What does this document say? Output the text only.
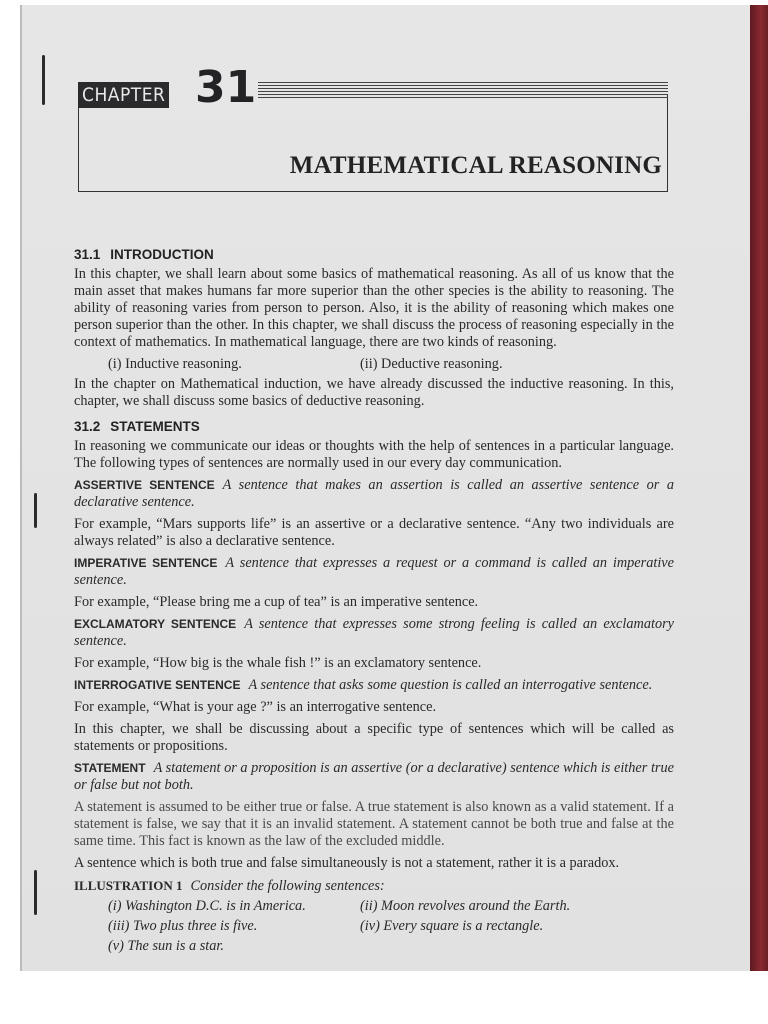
CHAPTER 31
MATHEMATICAL REASONING
31.1 INTRODUCTION

In this chapter, we shall learn about some basics of mathematical reasoning. As all of us know that the main asset that makes humans far more superior than the other species is the ability to reasoning. The ability of reasoning varies from person to person. Also, it is the ability of reasoning which makes one person superior than the other. In this chapter, we shall discuss the process of reasoning especially in the context of mathematics. In mathematical language, there are two kinds of reasoning.

(i) Inductive reasoning.	(ii) Deductive reasoning.

In the chapter on Mathematical induction, we have already discussed the inductive reasoning. In this, chapter, we shall discuss some basics of deductive reasoning.

31.2 STATEMENTS

In reasoning we communicate our ideas or thoughts with the help of sentences in a particular language. The following types of sentences are normally used in our every day communication.

ASSERTIVE SENTENCE A sentence that makes an assertion is called an assertive sentence or a declarative sentence.

For example, “Mars supports life” is an assertive or a declarative sentence. “Any two individuals are always related” is also a declarative sentence.

IMPERATIVE SENTENCE A sentence that expresses a request or a command is called an imperative sentence.

For example, “Please bring me a cup of tea” is an imperative sentence.

EXCLAMATORY SENTENCE A sentence that expresses some strong feeling is called an exclamatory sentence.

For example, “How big is the whale fish !” is an exclamatory sentence.

INTERROGATIVE SENTENCE A sentence that asks some question is called an interrogative sentence.

For example, “What is your age ?” is an interrogative sentence.

In this chapter, we shall be discussing about a specific type of sentences which will be called as statements or propositions.

STATEMENT A statement or a proposition is an assertive (or a declarative) sentence which is either true or false but not both.

A statement is assumed to be either true or false. A true statement is also known as a valid statement. If a statement is false, we say that it is an invalid statement. A statement cannot be both true and false at the same time. This fact is known as the law of the excluded middle.

A sentence which is both true and false simultaneously is not a statement, rather it is a paradox.

ILLUSTRATION 1 Consider the following sentences:

(i) Washington D.C. is in America.	(ii) Moon revolves around the Earth.
(iii) Two plus three is five.	(iv) Every square is a rectangle.
(v) The sun is a star.
